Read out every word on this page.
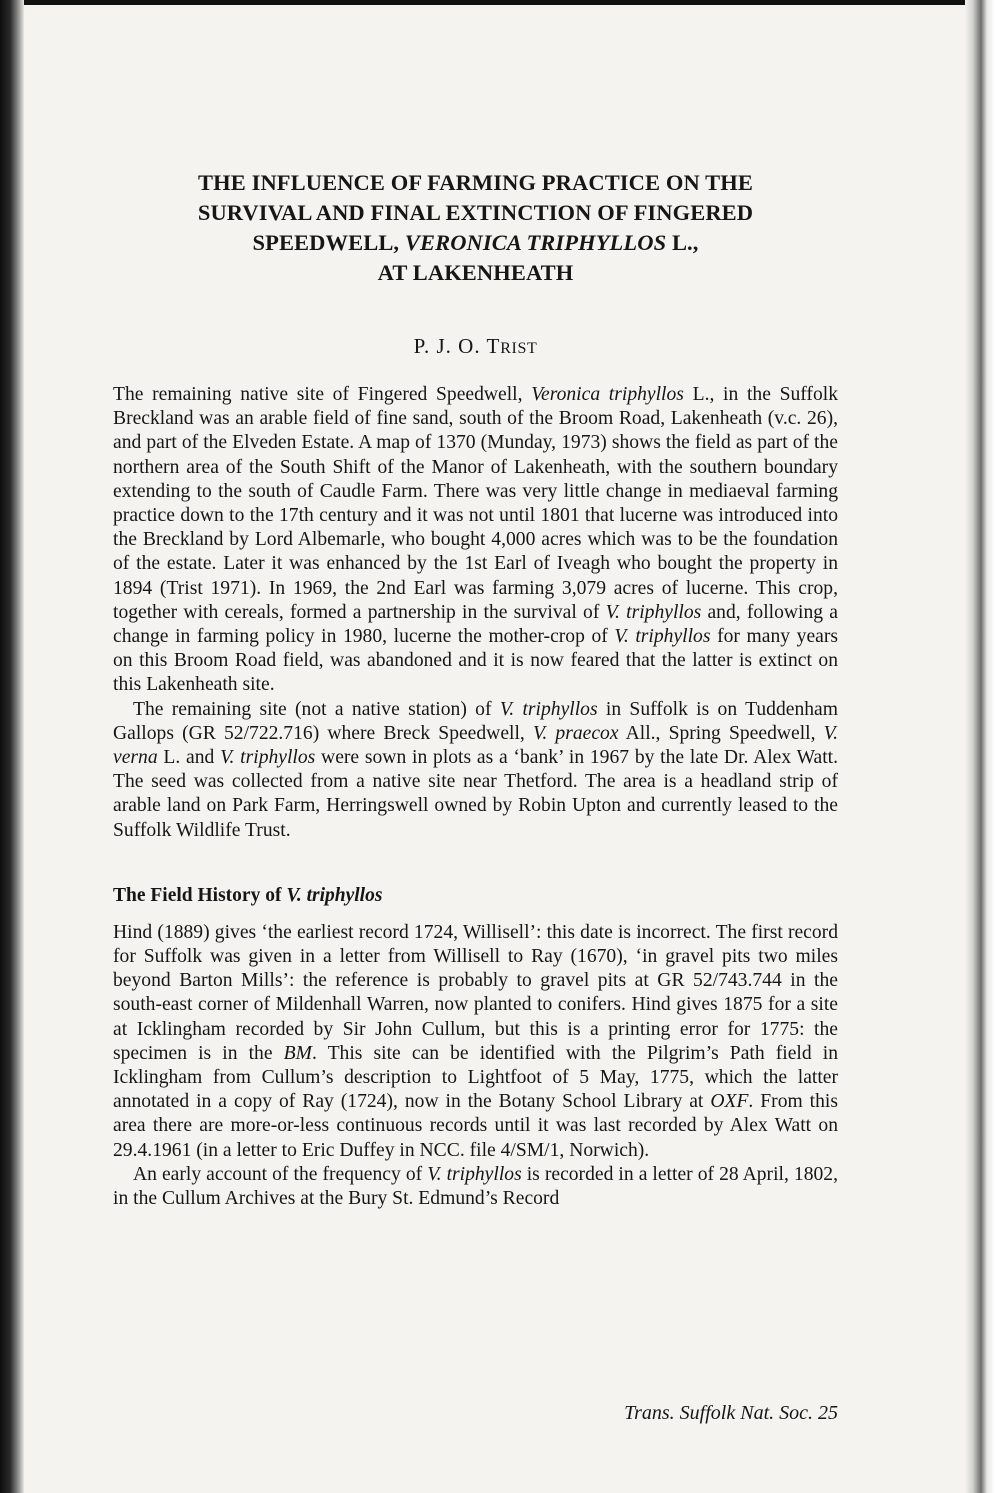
THE INFLUENCE OF FARMING PRACTICE ON THE
SURVIVAL AND FINAL EXTINCTION OF FINGERED
SPEEDWELL, VERONICA TRIPHYLLOS L.,
AT LAKENHEATH
P. J. O. TRIST

The remaining native site of Fingered Speedwell, Veronica triphyllos L., in the Suffolk Breckland was an arable field of fine sand, south of the Broom Road, Lakenheath (v.c. 26), and part of the Elveden Estate. A map of 1370 (Munday, 1973) shows the field as part of the northern area of the South Shift of the Manor of Lakenheath, with the southern boundary extending to the south of Caudle Farm. There was very little change in mediaeval farming practice down to the 17th century and it was not until 1801 that lucerne was introduced into the Breckland by Lord Albemarle, who bought 4,000 acres which was to be the foundation of the estate. Later it was enhanced by the 1st Earl of Iveagh who bought the property in 1894 (Trist 1971). In 1969, the 2nd Earl was farming 3,079 acres of lucerne. This crop, together with cereals, formed a partnership in the survival of V. triphyllos and, following a change in farming policy in 1980, lucerne the mother-crop of V. triphyllos for many years on this Broom Road field, was abandoned and it is now feared that the latter is extinct on this Lakenheath site.

The remaining site (not a native station) of V. triphyllos in Suffolk is on Tuddenham Gallops (GR 52/722.716) where Breck Speedwell, V. praecox All., Spring Speedwell, V. verna L. and V. triphyllos were sown in plots as a ‘bank’ in 1967 by the late Dr. Alex Watt. The seed was collected from a native site near Thetford. The area is a headland strip of arable land on Park Farm, Herringswell owned by Robin Upton and currently leased to the Suffolk Wildlife Trust.

The Field History of V. triphyllos

Hind (1889) gives ‘the earliest record 1724, Willisell’: this date is incorrect. The first record for Suffolk was given in a letter from Willisell to Ray (1670), ‘in gravel pits two miles beyond Barton Mills’: the reference is probably to gravel pits at GR 52/743.744 in the south-east corner of Mildenhall Warren, now planted to conifers. Hind gives 1875 for a site at Icklingham recorded by Sir John Cullum, but this is a printing error for 1775: the specimen is in the BM. This site can be identified with the Pilgrim’s Path field in Icklingham from Cullum’s description to Lightfoot of 5 May, 1775, which the latter annotated in a copy of Ray (1724), now in the Botany School Library at OXF. From this area there are more-or-less continuous records until it was last recorded by Alex Watt on 29.4.1961 (in a letter to Eric Duffey in NCC. file 4/SM/1, Norwich).

An early account of the frequency of V. triphyllos is recorded in a letter of 28 April, 1802, in the Cullum Archives at the Bury St. Edmund’s Record

Trans. Suffolk Nat. Soc. 25
